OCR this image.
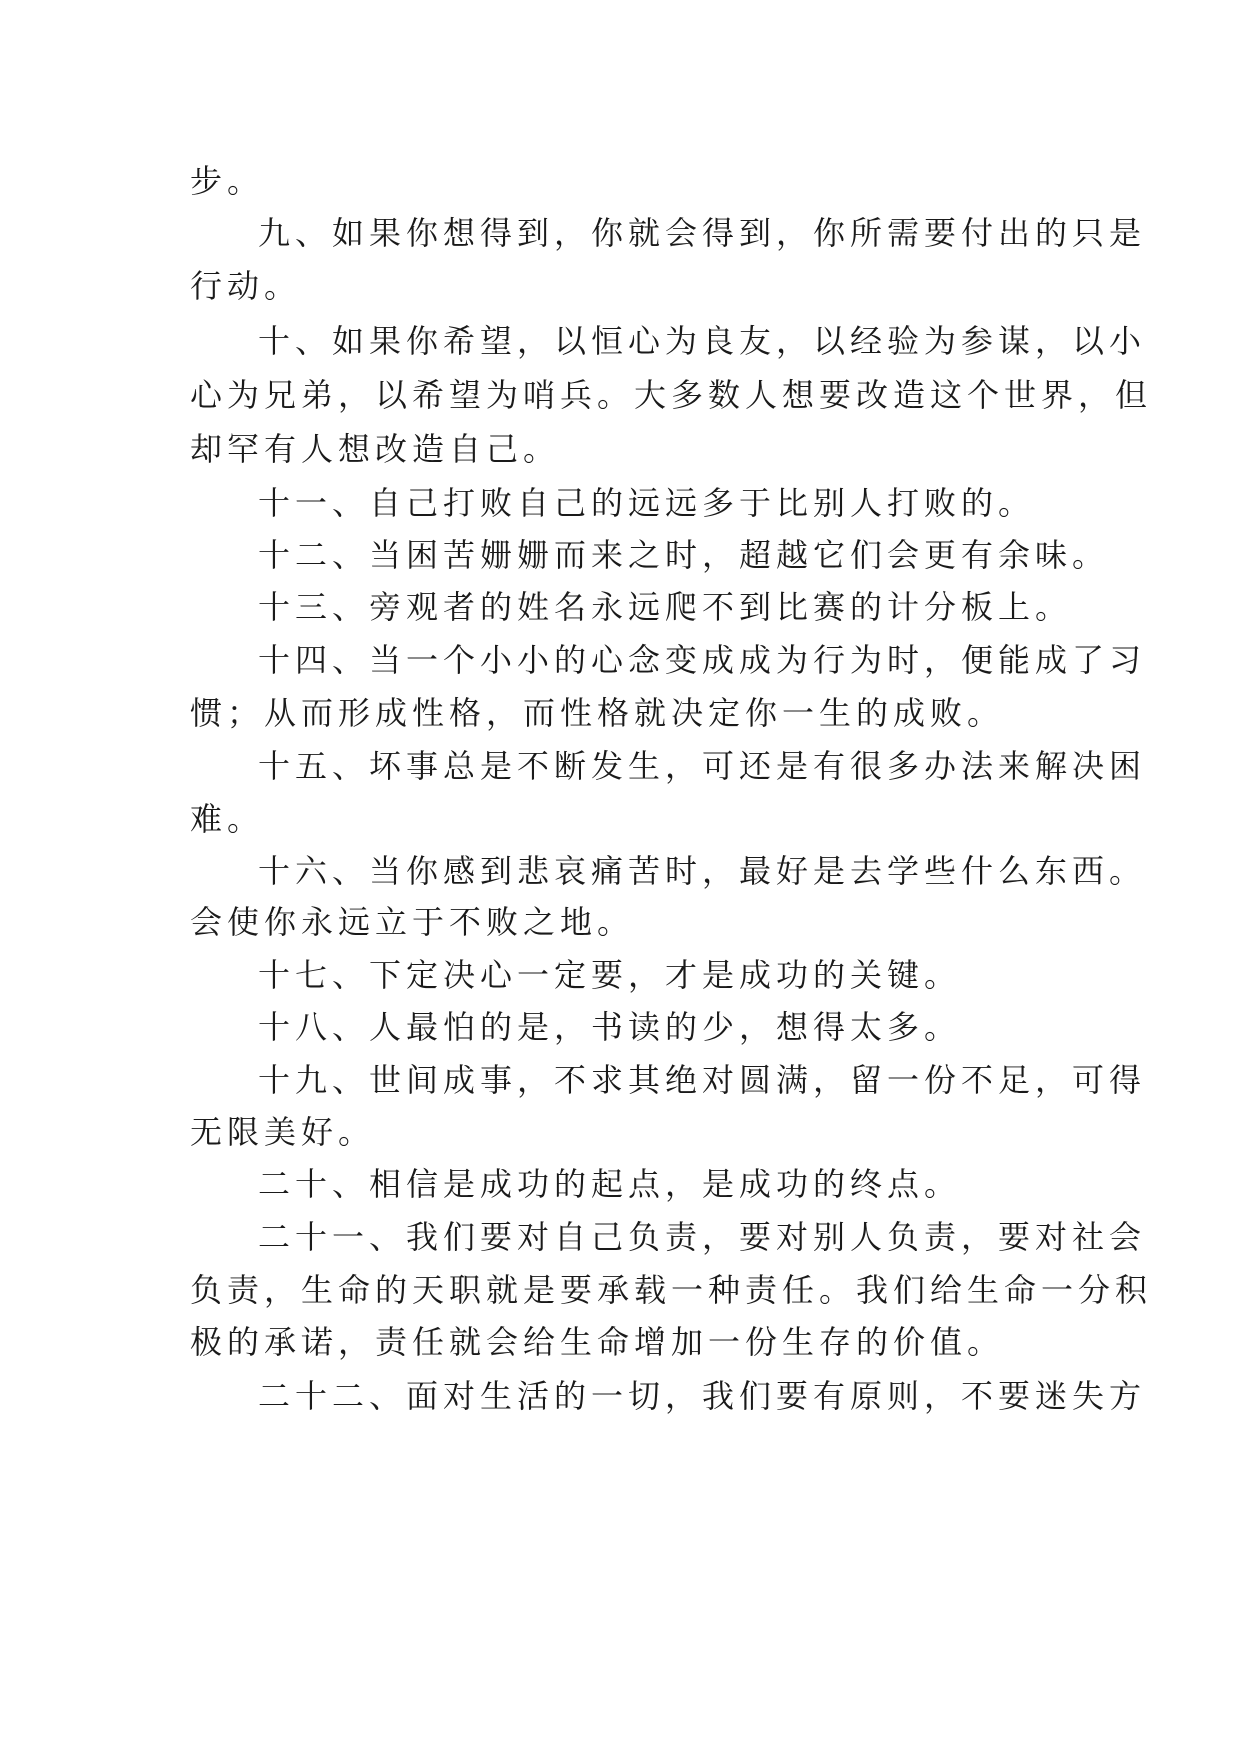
步。
九、如果你想得到，你就会得到，你所需要付出的只是
行动。
十、如果你希望，以恒心为良友，以经验为参谋，以小
心为兄弟，以希望为哨兵。大多数人想要改造这个世界，但
却罕有人想改造自己。
十一、自己打败自己的远远多于比别人打败的。
十二、当困苦姗姗而来之时，超越它们会更有余味。
十三、旁观者的姓名永远爬不到比赛的计分板上。
十四、当一个小小的心念变成成为行为时，便能成了习
惯；从而形成性格，而性格就决定你一生的成败。
十五、坏事总是不断发生，可还是有很多办法来解决困
难。
十六、当你感到悲哀痛苦时，最好是去学些什么东西。
会使你永远立于不败之地。
十七、下定决心一定要，才是成功的关键。
十八、人最怕的是，书读的少，想得太多。
十九、世间成事，不求其绝对圆满，留一份不足，可得
无限美好。
二十、相信是成功的起点，是成功的终点。
二十一、我们要对自己负责，要对别人负责，要对社会
负责，生命的天职就是要承载一种责任。我们给生命一分积
极的承诺，责任就会给生命增加一份生存的价值。
二十二、面对生活的一切，我们要有原则，不要迷失方
